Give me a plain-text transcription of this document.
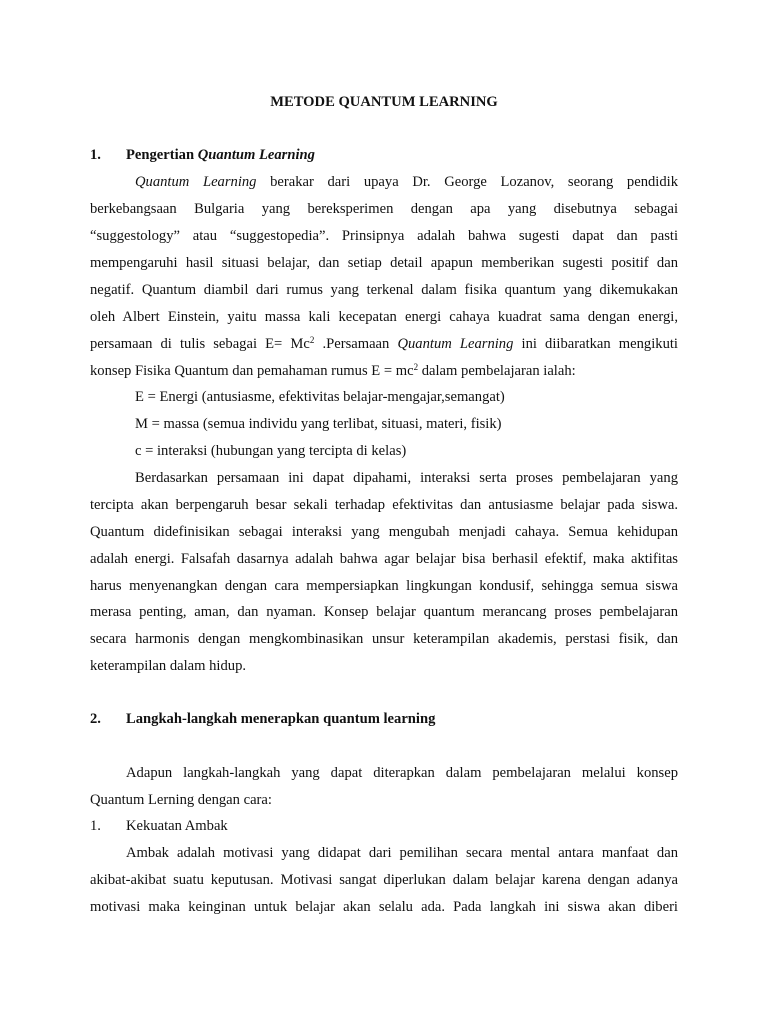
METODE QUANTUM LEARNING
1. Pengertian Quantum Learning
Quantum Learning berakar dari upaya Dr. George Lozanov, seorang pendidik
berkebangsaan Bulgaria yang bereksperimen dengan apa yang disebutnya sebagai
“suggestology” atau “suggestopedia”. Prinsipnya adalah bahwa sugesti dapat dan pasti
mempengaruhi hasil situasi belajar, dan setiap detail apapun memberikan sugesti positif dan
negatif. Quantum diambil dari rumus yang terkenal dalam fisika quantum yang dikemukakan
oleh Albert Einstein, yaitu massa kali kecepatan energi cahaya kuadrat sama dengan energi,
persamaan di tulis sebagai $E= Mc^2$ .Persamaan Quantum Learning ini diibaratkan mengikuti
konsep Fisika Quantum dan pemahaman rumus $E = mc^2$ dalam pembelajaran ialah:
E = Energi (antusiasme, efektivitas belajar-mengajar,semangat)
M = massa (semua individu yang terlibat, situasi, materi, fisik)
c = interaksi (hubungan yang tercipta di kelas)
Berdasarkan persamaan ini dapat dipahami, interaksi serta proses pembelajaran yang
tercipta akan berpengaruh besar sekali terhadap efektivitas dan antusiasme belajar pada siswa.
Quantum didefinisikan sebagai interaksi yang mengubah menjadi cahaya. Semua kehidupan
adalah energi. Falsafah dasarnya adalah bahwa agar belajar bisa berhasil efektif, maka aktifitas
harus menyenangkan dengan cara mempersiapkan lingkungan kondusif, sehingga semua siswa
merasa penting, aman, dan nyaman. Konsep belajar quantum merancang proses pembelajaran
secara harmonis dengan mengkombinasikan unsur keterampilan akademis, perstasi fisik, dan
keterampilan dalam hidup.
2. Langkah-langkah menerapkan quantum learning
Adapun langkah-langkah yang dapat diterapkan dalam pembelajaran melalui konsep
Quantum Lerning dengan cara:
1. Kekuatan Ambak
Ambak adalah motivasi yang didapat dari pemilihan secara mental antara manfaat dan
akibat-akibat suatu keputusan. Motivasi sangat diperlukan dalam belajar karena dengan adanya
motivasi maka keinginan untuk belajar akan selalu ada. Pada langkah ini siswa akan diberi
